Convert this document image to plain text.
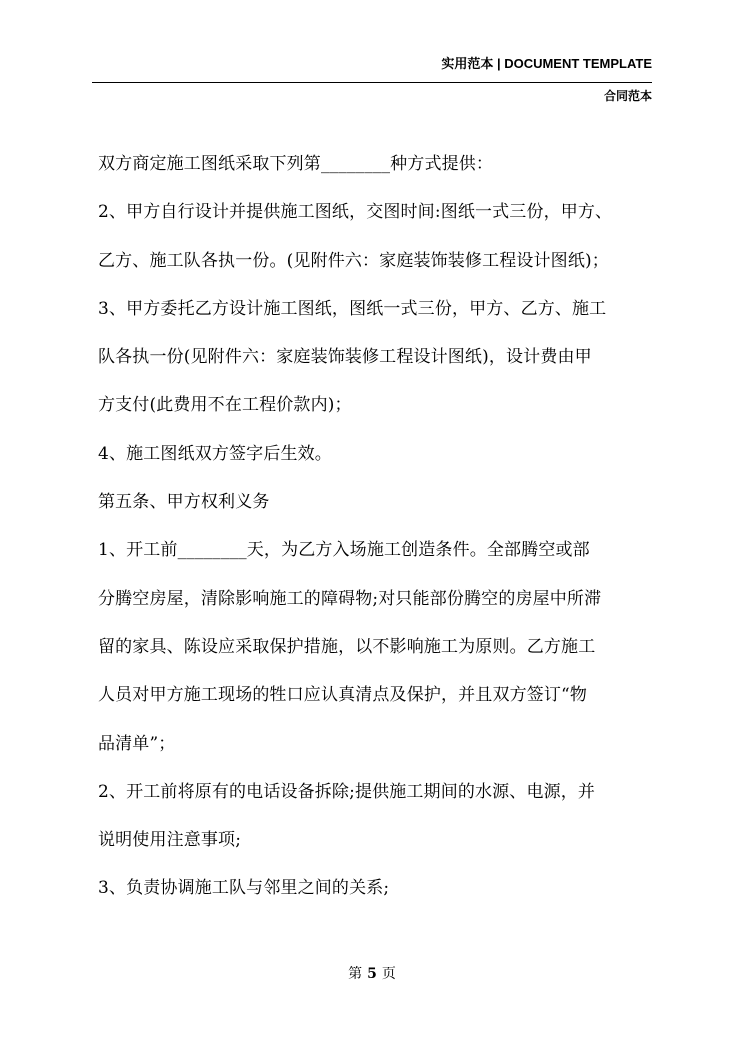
实用范本 | DOCUMENT TEMPLATE
合同范本
双方商定施工图纸采取下列第________种方式提供：
2、甲方自行设计并提供施工图纸，交图时间:图纸一式三份，甲方、
乙方、施工队各执一份。(见附件六：家庭装饰装修工程设计图纸)；
3、甲方委托乙方设计施工图纸，图纸一式三份，甲方、乙方、施工
队各执一份(见附件六：家庭装饰装修工程设计图纸)，设计费由甲
方支付(此费用不在工程价款内)；
4、施工图纸双方签字后生效。
第五条、甲方权利义务
1、开工前________天，为乙方入场施工创造条件。全部腾空或部
分腾空房屋，清除影响施工的障碍物;对只能部份腾空的房屋中所滞
留的家具、陈设应采取保护措施，以不影响施工为原则。乙方施工
人员对甲方施工现场的牲口应认真清点及保护，并且双方签订“物
品清单”；
2、开工前将原有的电话设备拆除;提供施工期间的水源、电源，并
说明使用注意事项;
3、负责协调施工队与邻里之间的关系;
第 5 页
